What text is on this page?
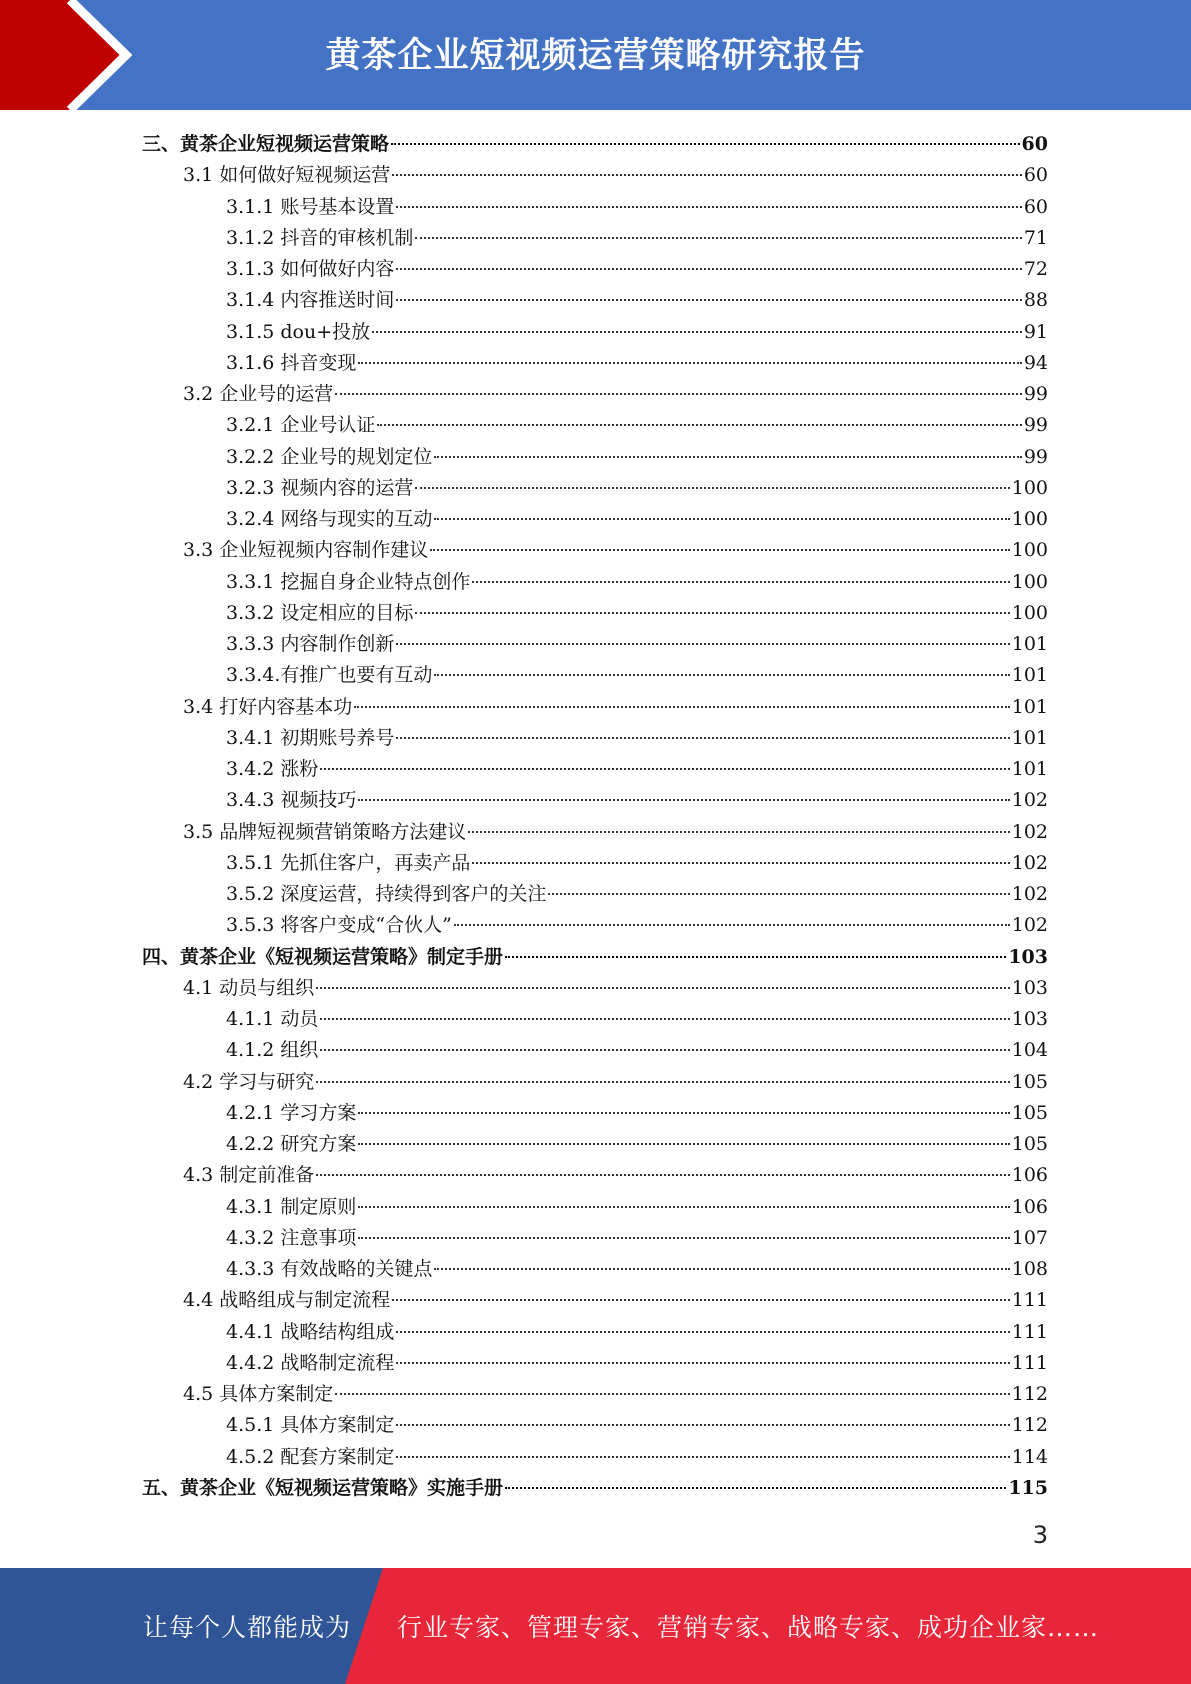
黄茶企业短视频运营策略研究报告
三、黄茶企业短视频运营策略	60
3.1 如何做好短视频运营	60
3.1.1 账号基本设置	60
3.1.2 抖音的审核机制	71
3.1.3 如何做好内容	72
3.1.4 内容推送时间	88
3.1.5 dou+投放	91
3.1.6 抖音变现	94
3.2 企业号的运营	99
3.2.1 企业号认证	99
3.2.2 企业号的规划定位	99
3.2.3 视频内容的运营	100
3.2.4 网络与现实的互动	100
3.3 企业短视频内容制作建议	100
3.3.1 挖掘自身企业特点创作	100
3.3.2 设定相应的目标	100
3.3.3 内容制作创新	101
3.3.4.有推广也要有互动	101
3.4 打好内容基本功	101
3.4.1 初期账号养号	101
3.4.2 涨粉	101
3.4.3 视频技巧	102
3.5 品牌短视频营销策略方法建议	102
3.5.1 先抓住客户，再卖产品	102
3.5.2 深度运营，持续得到客户的关注	102
3.5.3 将客户变成“合伙人”	102
四、黄茶企业《短视频运营策略》制定手册	103
4.1 动员与组织	103
4.1.1 动员	103
4.1.2 组织	104
4.2 学习与研究	105
4.2.1 学习方案	105
4.2.2 研究方案	105
4.3 制定前准备	106
4.3.1 制定原则	106
4.3.2 注意事项	107
4.3.3 有效战略的关键点	108
4.4 战略组成与制定流程	111
4.4.1 战略结构组成	111
4.4.2 战略制定流程	111
4.5 具体方案制定	112
4.5.1 具体方案制定	112
4.5.2 配套方案制定	114
五、黄茶企业《短视频运营策略》实施手册	115
3
让每个人都能成为 行业专家、管理专家、营销专家、战略专家、成功企业家……
